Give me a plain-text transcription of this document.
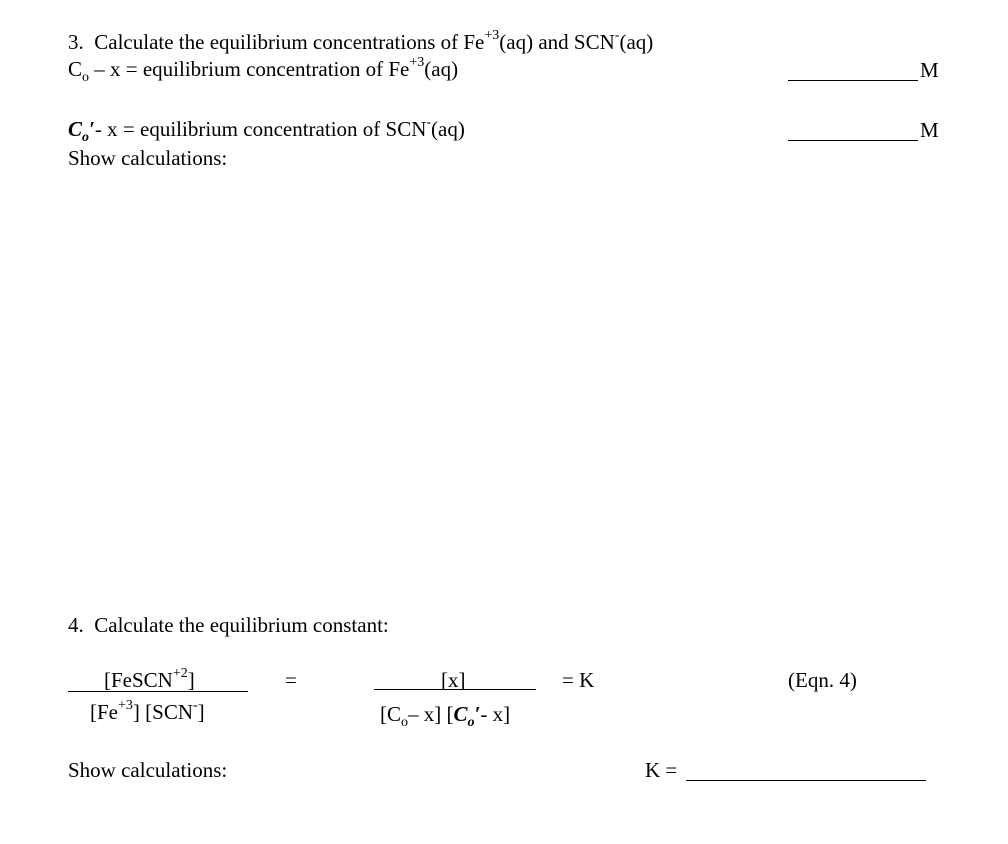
3. Calculate the equilibrium concentrations of $Fe^{+3}(aq)$ and SCN-(aq)
$C_o$ – x = equilibrium concentration of $Fe^{+3}(aq)$	M
$C_o'-$ x = equilibrium concentration of SCN-(aq)	M
Show calculations:
4. Calculate the equilibrium constant:
[FeSCN$^{+2}$]
$[Fe^{+3}]$ [SCN-]
=	[x]
[$C_o-$ x] [$C_o'-$ x]
= K	(Eqn. 4)
Show calculations:	K =
